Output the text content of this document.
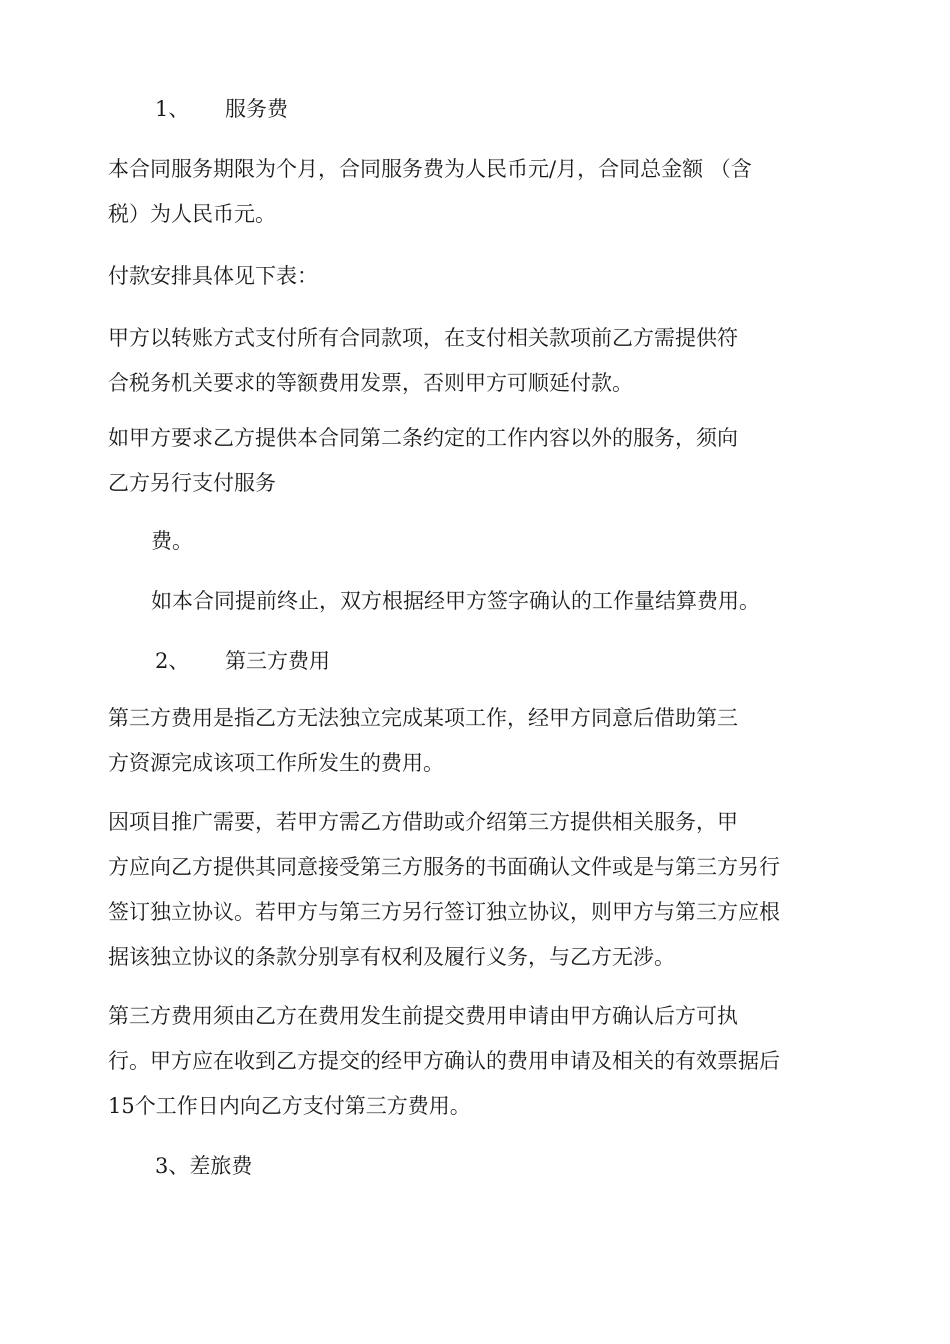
1、 服务费
本合同服务期限为个月，合同服务费为人民币元/月，合同总金额 （含
税）为人民币元。
付款安排具体见下表：
甲方以转账方式支付所有合同款项，在支付相关款项前乙方需提供符
合税务机关要求的等额费用发票，否则甲方可顺延付款。
如甲方要求乙方提供本合同第二条约定的工作内容以外的服务，须向
乙方另行支付服务
费。
如本合同提前终止，双方根据经甲方签字确认的工作量结算费用。
2、 第三方费用
第三方费用是指乙方无法独立完成某项工作，经甲方同意后借助第三
方资源完成该项工作所发生的费用。
因项目推广需要，若甲方需乙方借助或介绍第三方提供相关服务，甲
方应向乙方提供其同意接受第三方服务的书面确认文件或是与第三方另行
签订独立协议。若甲方与第三方另行签订独立协议，则甲方与第三方应根
据该独立协议的条款分别享有权利及履行义务，与乙方无涉。
第三方费用须由乙方在费用发生前提交费用申请由甲方确认后方可执
行。甲方应在收到乙方提交的经甲方确认的费用申请及相关的有效票据后
15个工作日内向乙方支付第三方费用。
3、差旅费
